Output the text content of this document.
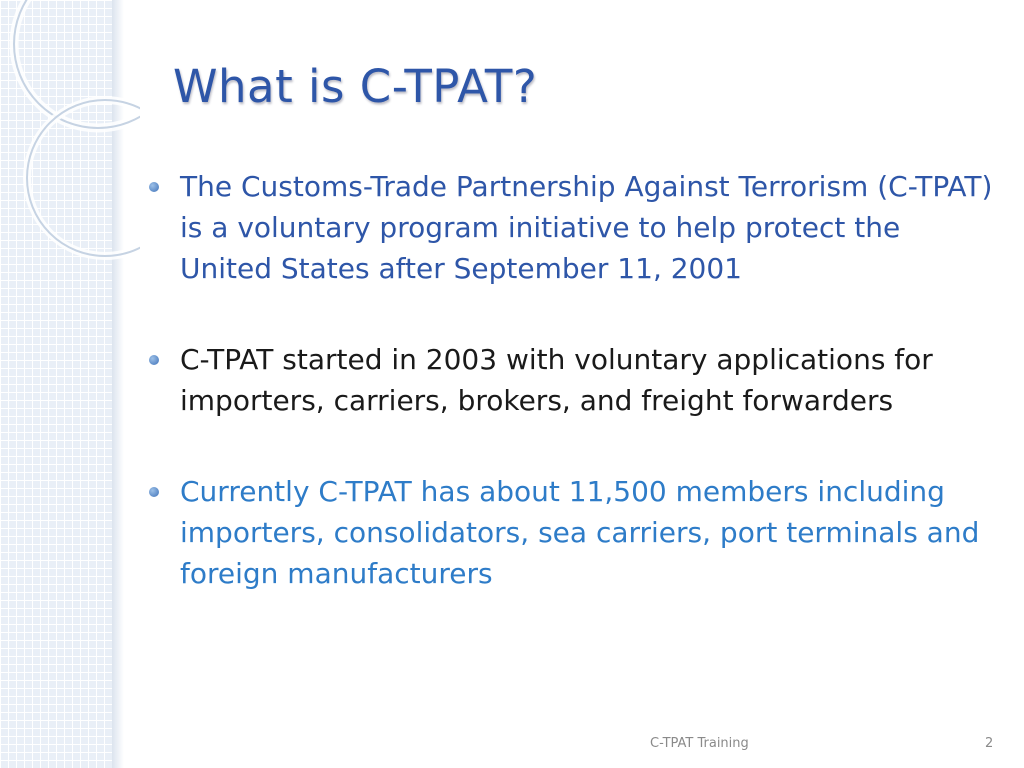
What is C-TPAT?
The Customs-Trade Partnership Against Terrorism (C-TPAT) is a voluntary program initiative to help protect the United States after September 11, 2001
C-TPAT started in 2003 with voluntary applications for importers, carriers, brokers, and freight forwarders
Currently C-TPAT has about 11,500 members including importers, consolidators, sea carriers, port terminals and foreign manufacturers
C-TPAT Training	2
